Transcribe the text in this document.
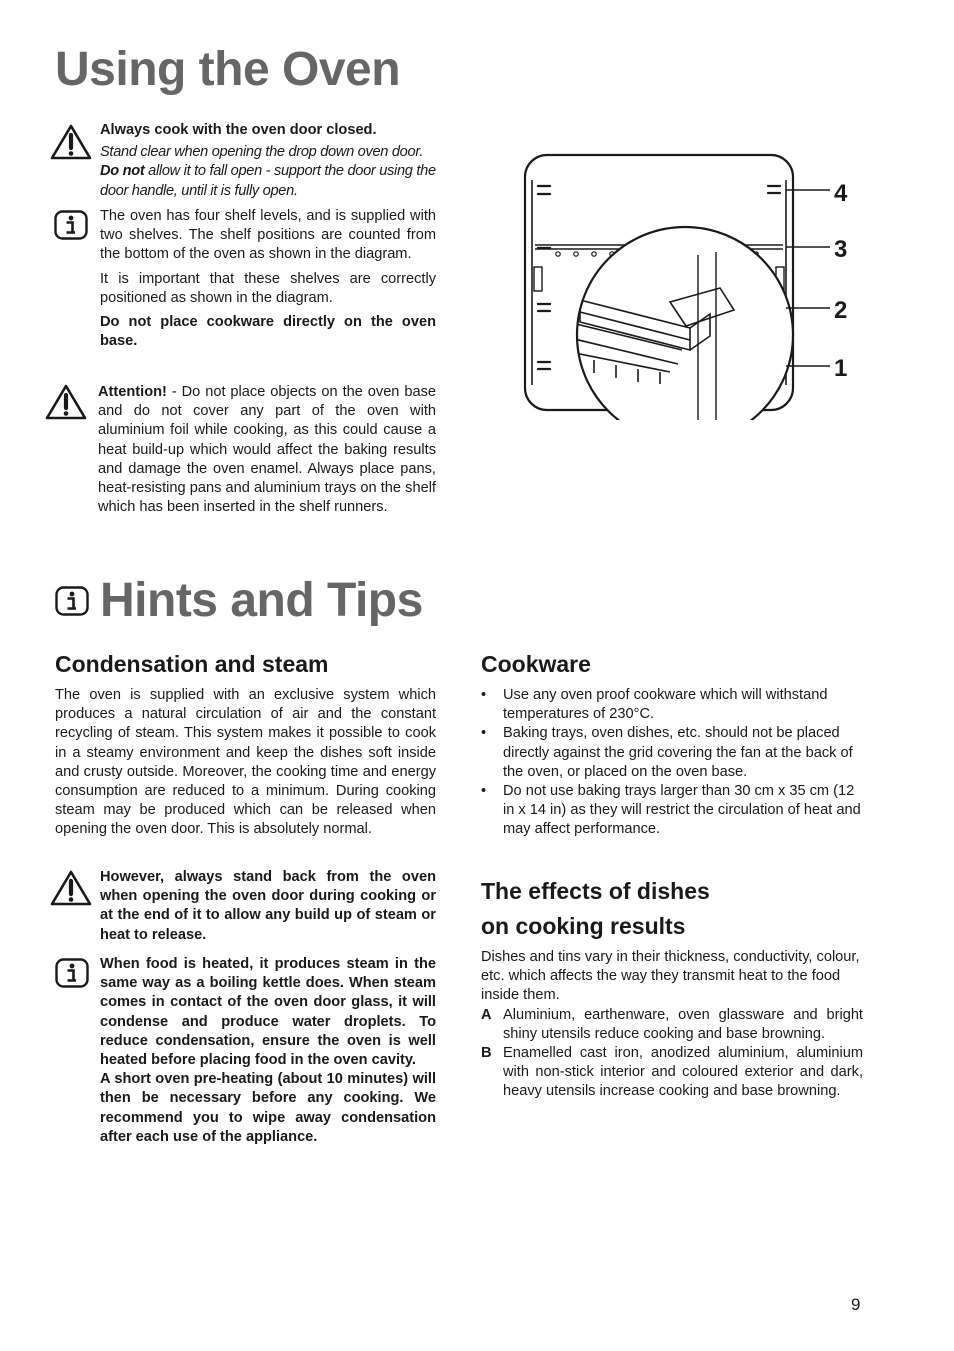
Using the Oven

Always cook with the oven door closed.

Stand clear when opening the drop down oven door.
Do not allow it to fall open - support the door using the door handle, until it is fully open.

The oven has four shelf levels, and is supplied with two shelves. The shelf positions are counted from the bottom of the oven as shown in the diagram.

It is important that these shelves are correctly positioned as shown in the diagram.

Do not place cookware directly on the oven base.

Attention! - Do not place objects on the oven base and do not cover any part of the oven with aluminium foil while cooking, as this could cause a heat build-up which would affect the baking results and damage the oven enamel. Always place pans, heat-resisting pans and aluminium trays on the shelf which has been inserted in the shelf runners.

4
3
2
1
Hints and Tips
Condensation and steam
The oven is supplied with an exclusive system which produces a natural circulation of air and the constant recycling of steam. This system makes it possible to cook in a steamy environment and keep the dishes soft inside and crusty outside. Moreover, the cooking time and energy consumption are reduced to a minimum. During cooking steam may be produced which can be released when opening the oven door. This is absolutely normal.
However, always stand back from the oven when opening the oven door during cooking or at the end of it to allow any build up of steam or heat to release.

When food is heated, it produces steam in the same way as a boiling kettle does. When steam comes in contact of the oven door glass, it will condense and produce water droplets. To reduce condensation, ensure the oven is well heated before placing food in the oven cavity.

A short oven pre-heating (about 10 minutes) will then be necessary before any cooking. We recommend you to wipe away condensation after each use of the appliance.

Cookware
• Use any oven proof cookware which will withstand temperatures of 230°C.
• Baking trays, oven dishes, etc. should not be placed directly against the grid covering the fan at the back of the oven, or placed on the oven base.
• Do not use baking trays larger than 30 cm x 35 cm (12 in x 14 in) as they will restrict the circulation of heat and may affect performance.
The effects of dishes
on cooking results

Dishes and tins vary in their thickness, conductivity, colour, etc. which affects the way they transmit heat to the food inside them.

A Aluminium, earthenware, oven glassware and bright shiny utensils reduce cooking and base browning.
B Enamelled cast iron, anodized aluminium, aluminium with non-stick interior and coloured exterior and dark, heavy utensils increase cooking and base browning.
9
